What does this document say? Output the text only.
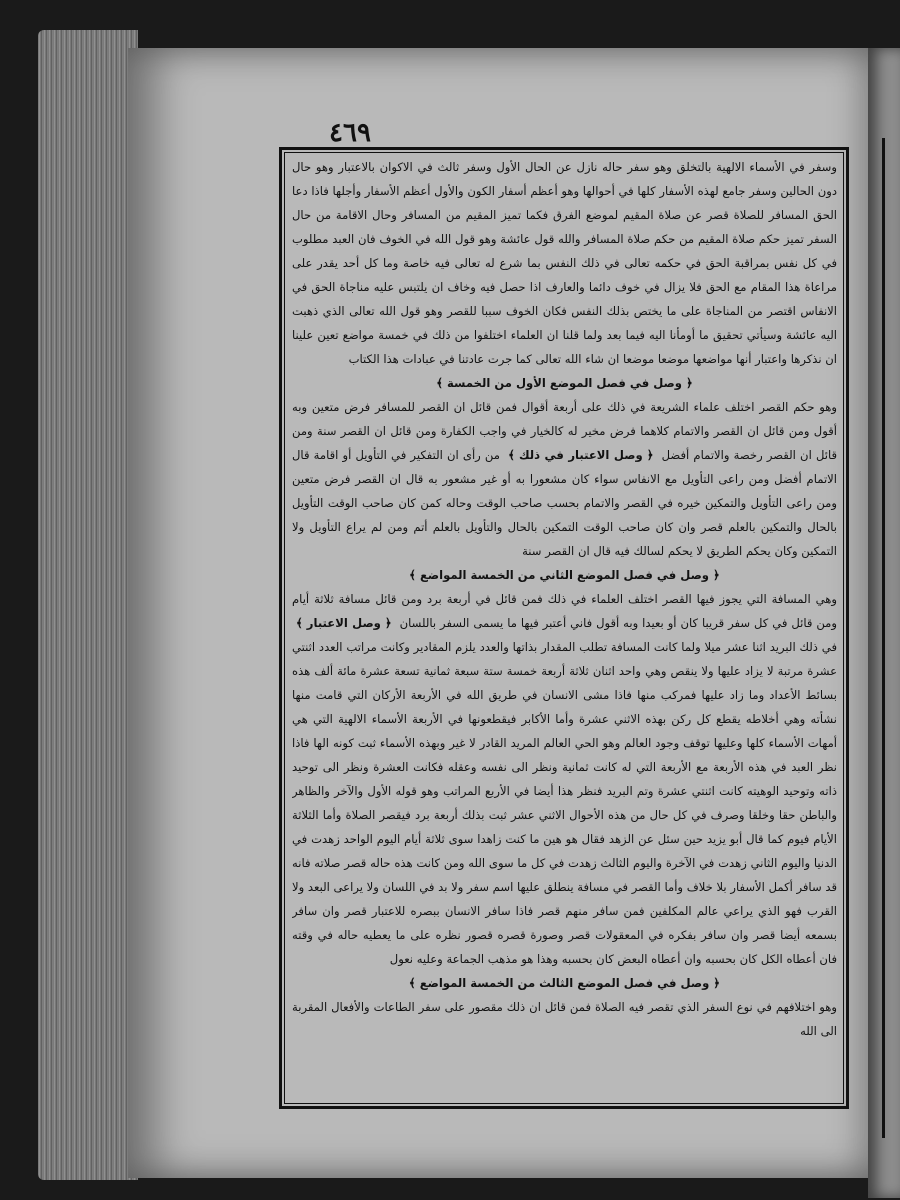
٤٦٩

وسفر في الأسماء الالهية بالتخلق وهو سفر حاله نازل عن الحال الأول وسفر ثالث في الاكوان بالاعتبار وهو حال دون الحالين وسفر جامع لهذه الأسفار كلها في أحوالها وهو أعظم أسفار الكون والأول أعظم الأسفار وأجلها فاذا دعا الحق المسافر للصلاة قصر عن صلاة المقيم لموضع الفرق فكما تميز المقيم من المسافر وحال الاقامة من حال السفر تميز حكم صلاة المقيم من حكم صلاة المسافر والله قول عائشة وهو قول الله في الخوف فان العبد مطلوب في كل نفس بمراقبة الحق في حكمه تعالى في ذلك النفس بما شرع له تعالى فيه خاصة وما كل أحد يقدر على مراعاة هذا المقام مع الحق فلا يزال في خوف دائما والعارف اذا حصل فيه وخاف ان يلتبس عليه مناجاة الحق في الانفاس اقتصر من المناجاة على ما يختص بذلك النفس فكان الخوف سببا للقصر وهو قول الله تعالى الذي ذهبت اليه عائشة وسيأتي تحقيق ما أومأنا اليه فيما بعد ولما قلنا ان العلماء اختلفوا من ذلك في خمسة مواضع تعين علينا ان نذكرها واعتبار أنها مواضعها موضعا موضعا ان شاء الله تعالى كما جرت عادتنا في عبادات هذا الكتاب

﴿وصل في فصل الموضع الأول من الخمسة﴾

وهو حكم القصر اختلف علماء الشريعة في ذلك على أربعة أقوال فمن قائل ان القصر للمسافر فرض متعين وبه أقول ومن قائل ان القصر والاتمام كلاهما فرض مخير له كالخيار في واجب الكفارة ومن قائل ان القصر سنة ومن قائل ان القصر رخصة والاتمام أفضل ﴿وصل الاعتبار في ذلك﴾ من رأى ان التفكير في التأويل أو اقامة قال الاتمام أفضل ومن راعى التأويل مع الانفاس سواء كان مشعورا به أو غير مشعور به قال ان القصر فرض متعين ومن راعى التأويل والتمكين خيره في القصر والاتمام بحسب صاحب الوقت وحاله كمن كان صاحب الوقت التأويل بالحال والتمكين بالعلم قصر وان كان صاحب الوقت التمكين بالحال والتأويل بالعلم أتم ومن لم يراع التأويل ولا التمكين وكان يحكم الطريق لا يحكم لسالك فيه قال ان القصر سنة

﴿وصل في فصل الموضع الثاني من الخمسة المواضع﴾

وهي المسافة التي يجوز فيها القصر اختلف العلماء في ذلك فمن قائل في أربعة برد ومن قائل مسافة ثلاثة أيام ومن قائل في كل سفر قريبا كان أو بعيدا وبه أقول فاني أعتبر فيها ما يسمى السفر باللسان ﴿وصل الاعتبار﴾ في ذلك البريد اثنا عشر ميلا ولما كانت المسافة تطلب المقدار بذاتها والعدد يلزم المقادير وكانت مراتب العدد اثنتي عشرة مرتبة لا يزاد عليها ولا ينقص وهي واحد اثنان ثلاثة أربعة خمسة ستة سبعة ثمانية تسعة عشرة مائة ألف هذه بسائط الأعداد وما زاد عليها فمركب منها فاذا مشى الانسان في طريق الله في الأربعة الأركان التي قامت منها نشأته وهي أخلاطه يقطع كل ركن بهذه الاثني عشرة وأما الأكابر فيقطعونها في الأربعة الأسماء الالهية التي هي أمهات الأسماء كلها وعليها توقف وجود العالم وهو الحي العالم المريد القادر لا غير وبهذه الأسماء ثبت كونه الها فاذا نظر العبد في هذه الأربعة مع الأربعة التي له كانت ثمانية ونظر الى نفسه وعقله فكانت العشرة ونظر الى توحيد ذاته وتوحيد الوهيته كانت اثنتي عشرة وتم البريد فنظر هذا أيضا في الأربع المراتب وهو قوله الأول والآخر والظاهر والباطن حقا وخلقا وصرف في كل حال من هذه الأحوال الاثني عشر ثبت بذلك أربعة برد فيقصر الصلاة وأما الثلاثة الأيام فيوم كما قال أبو يزيد حين سئل عن الزهد فقال هو هين ما كنت زاهدا سوى ثلاثة أيام اليوم الواحد زهدت في الدنيا واليوم الثاني زهدت في الآخرة واليوم الثالث زهدت في كل ما سوى الله ومن كانت هذه حاله قصر صلاته فانه قد سافر أكمل الأسفار بلا خلاف وأما القصر في مسافة ينطلق عليها اسم سفر ولا بد في اللسان ولا يراعى البعد ولا القرب فهو الذي يراعي عالم المكلفين فمن سافر منهم قصر فاذا سافر الانسان ببصره للاعتبار قصر وان سافر بسمعه أيضا قصر وان سافر بفكره في المعقولات قصر وصورة قصره قصور نظره على ما يعطيه حاله في وقته فان أعطاه الكل كان بحسبه وان أعطاه البعض كان بحسبه وهذا هو مذهب الجماعة وعليه نعول

﴿وصل في فصل الموضع الثالث من الخمسة المواضع﴾

وهو اختلافهم في نوع السفر الذي تقصر فيه الصلاة فمن قائل ان ذلك مقصور على سفر الطاعات والأفعال المقربة الى الله
